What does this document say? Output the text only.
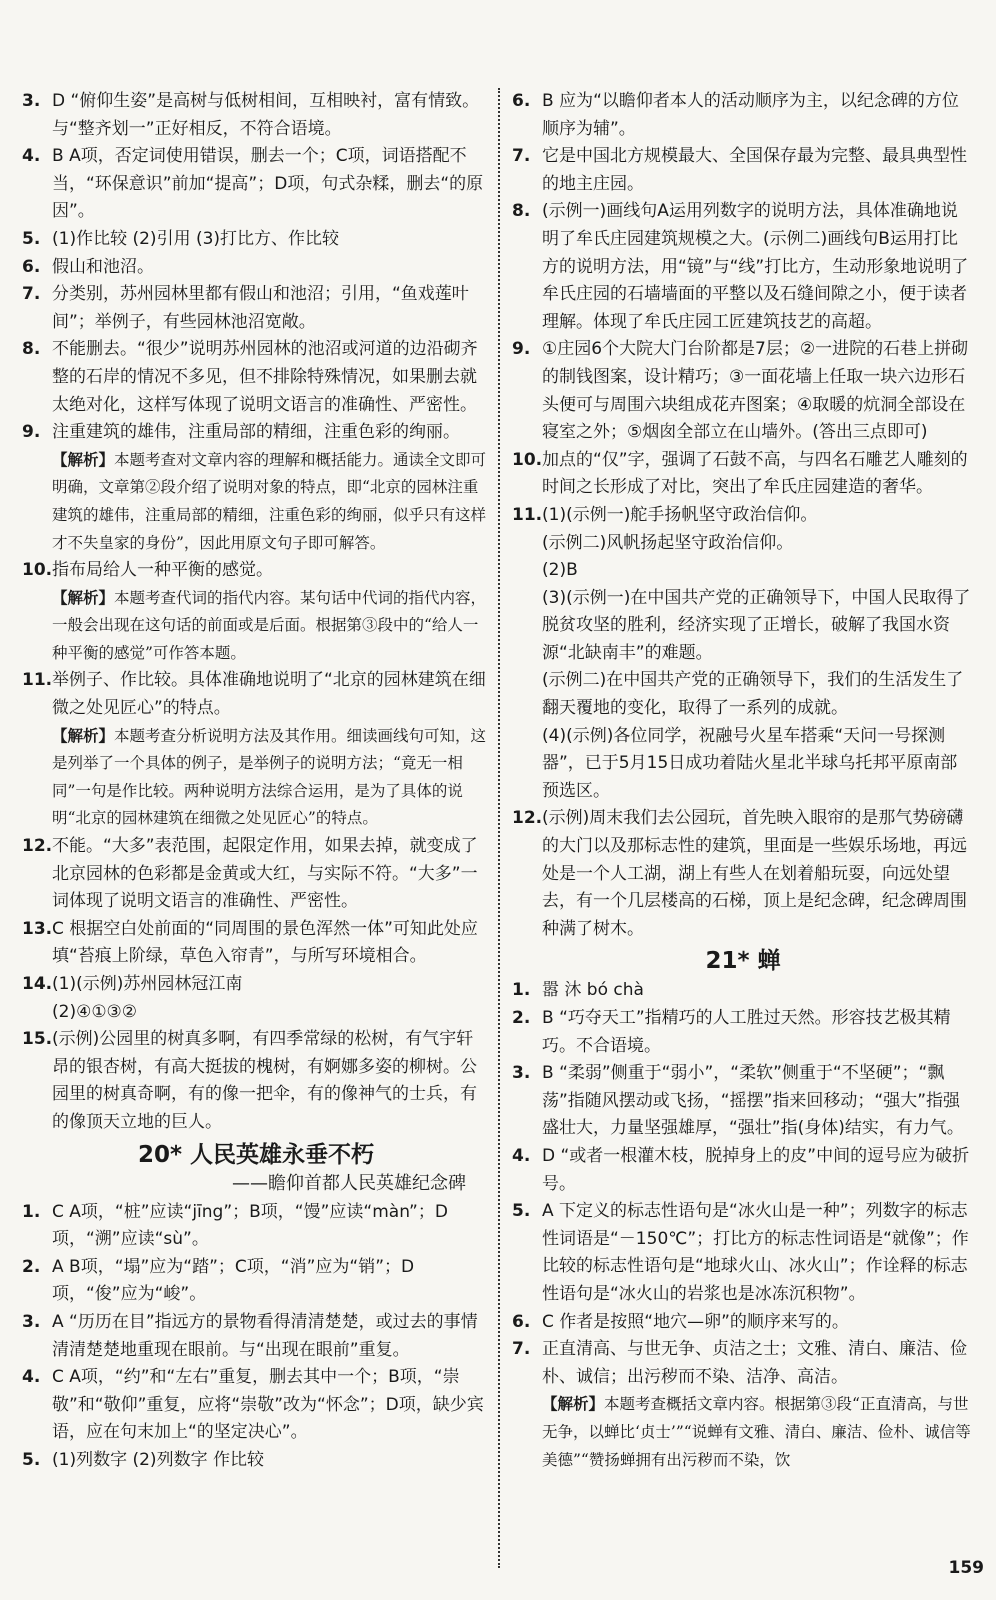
3. D “俯仰生姿”是高树与低树相间，互相映衬，富有情致。与“整齐划一”正好相反，不符合语境。
4. B A项，否定词使用错误，删去一个；C项，词语搭配不当，“环保意识”前加“提高”；D项，句式杂糅，删去“的原因”。
5. (1)作比较 (2)引用 (3)打比方、作比较
6. 假山和池沼。
7. 分类别，苏州园林里都有假山和池沼；引用，“鱼戏莲叶间”；举例子，有些园林池沼宽敞。
8. 不能删去。“很少”说明苏州园林的池沼或河道的边沿砌齐整的石岸的情况不多见，但不排除特殊情况，如果删去就太绝对化，这样写体现了说明文语言的准确性、严密性。
9. 注重建筑的雄伟，注重局部的精细，注重色彩的绚丽。
【解析】本题考查对文章内容的理解和概括能力。通读全文即可明确，文章第②段介绍了说明对象的特点，即“北京的园林注重建筑的雄伟，注重局部的精细，注重色彩的绚丽，似乎只有这样才不失皇家的身份”，因此用原文句子即可解答。
10. 指布局给人一种平衡的感觉。
【解析】本题考查代词的指代内容。某句话中代词的指代内容，一般会出现在这句话的前面或是后面。根据第③段中的“给人一种平衡的感觉”可作答本题。
11. 举例子、作比较。具体准确地说明了“北京的园林建筑在细微之处见匠心”的特点。
【解析】本题考查分析说明方法及其作用。细读画线句可知，这是列举了一个具体的例子，是举例子的说明方法；“竟无一相同”一句是作比较。两种说明方法综合运用，是为了具体的说明“北京的园林建筑在细微之处见匠心”的特点。
12. 不能。“大多”表范围，起限定作用，如果去掉，就变成了北京园林的色彩都是金黄或大红，与实际不符。“大多”一词体现了说明文语言的准确性、严密性。
13. C 根据空白处前面的“同周围的景色浑然一体”可知此处应填“苔痕上阶绿，草色入帘青”，与所写环境相合。
14. (1)(示例)苏州园林冠江南
(2)④①③②
15. (示例)公园里的树真多啊，有四季常绿的松树，有气宇轩昂的银杏树，有高大挺拔的槐树，有婀娜多姿的柳树。公园里的树真奇啊，有的像一把伞，有的像神气的士兵，有的像顶天立地的巨人。
20* 人民英雄永垂不朽
——瞻仰首都人民英雄纪念碑
1. C A项，“桩”应读“jīng”；B项，“馒”应读“màn”；D项，“溯”应读“sù”。
2. A B项，“塌”应为“踏”；C项，“消”应为“销”；D项，“俊”应为“峻”。
3. A “历历在目”指远方的景物看得清清楚楚，或过去的事情清清楚楚地重现在眼前。与“出现在眼前”重复。
4. C A项，“约”和“左右”重复，删去其中一个；B项，“崇敬”和“敬仰”重复，应将“崇敬”改为“怀念”；D项，缺少宾语，应在句末加上“的坚定决心”。
5. (1)列数字 (2)列数字 作比较
6. B 应为“以瞻仰者本人的活动顺序为主，以纪念碑的方位顺序为辅”。
7. 它是中国北方规模最大、全国保存最为完整、最具典型性的地主庄园。
8. (示例一)画线句A运用列数字的说明方法，具体准确地说明了牟氏庄园建筑规模之大。(示例二)画线句B运用打比方的说明方法，用“镜”与“线”打比方，生动形象地说明了牟氏庄园的石墙墙面的平整以及石缝间隙之小，便于读者理解。体现了牟氏庄园工匠建筑技艺的高超。
9. ①庄园6个大院大门台阶都是7层；②一进院的石巷上拼砌的制钱图案，设计精巧；③一面花墙上任取一块六边形石头便可与周围六块组成花卉图案；④取暖的炕洞全部设在寝室之外；⑤烟囱全部立在山墙外。(答出三点即可)
10. 加点的“仅”字，强调了石鼓不高，与四名石雕艺人雕刻的时间之长形成了对比，突出了牟氏庄园建造的奢华。
11. (1)(示例一)舵手扬帆坚守政治信仰。
(示例二)风帆扬起坚守政治信仰。
(2)B
(3)(示例一)在中国共产党的正确领导下，中国人民取得了脱贫攻坚的胜利，经济实现了正增长，破解了我国水资源“北缺南丰”的难题。
(示例二)在中国共产党的正确领导下，我们的生活发生了翻天覆地的变化，取得了一系列的成就。
(4)(示例)各位同学，祝融号火星车搭乘“天问一号探测器”，已于5月15日成功着陆火星北半球乌托邦平原南部预选区。
12. (示例)周末我们去公园玩，首先映入眼帘的是那气势磅礴的大门以及那标志性的建筑，里面是一些娱乐场地，再远处是一个人工湖，湖上有些人在划着船玩耍，向远处望去，有一个几层楼高的石梯，顶上是纪念碑，纪念碑周围种满了树木。
21* 蝉
1. 嚣 沐 bó chà
2. B “巧夺天工”指精巧的人工胜过天然。形容技艺极其精巧。不合语境。
3. B “柔弱”侧重于“弱小”，“柔软”侧重于“不坚硬”；“飘荡”指随风摆动或飞扬，“摇摆”指来回移动；“强大”指强盛壮大，力量坚强雄厚，“强壮”指(身体)结实，有力气。
4. D “或者一根灌木枝，脱掉身上的皮”中间的逗号应为破折号。
5. A 下定义的标志性语句是“冰火山是一种”；列数字的标志性词语是“－150℃”；打比方的标志性词语是“就像”；作比较的标志性语句是“地球火山、冰火山”；作诠释的标志性语句是“冰火山的岩浆也是冰冻沉积物”。
6. C 作者是按照“地穴—卵”的顺序来写的。
7. 正直清高、与世无争、贞洁之士；文雅、清白、廉洁、俭朴、诚信；出污秽而不染、洁净、高洁。
【解析】本题考查概括文章内容。根据第③段“正直清高，与世无争，以蝉比‘贞士’”“说蝉有文雅、清白、廉洁、俭朴、诚信等美德”“赞扬蝉拥有出污秽而不染，饮
159
